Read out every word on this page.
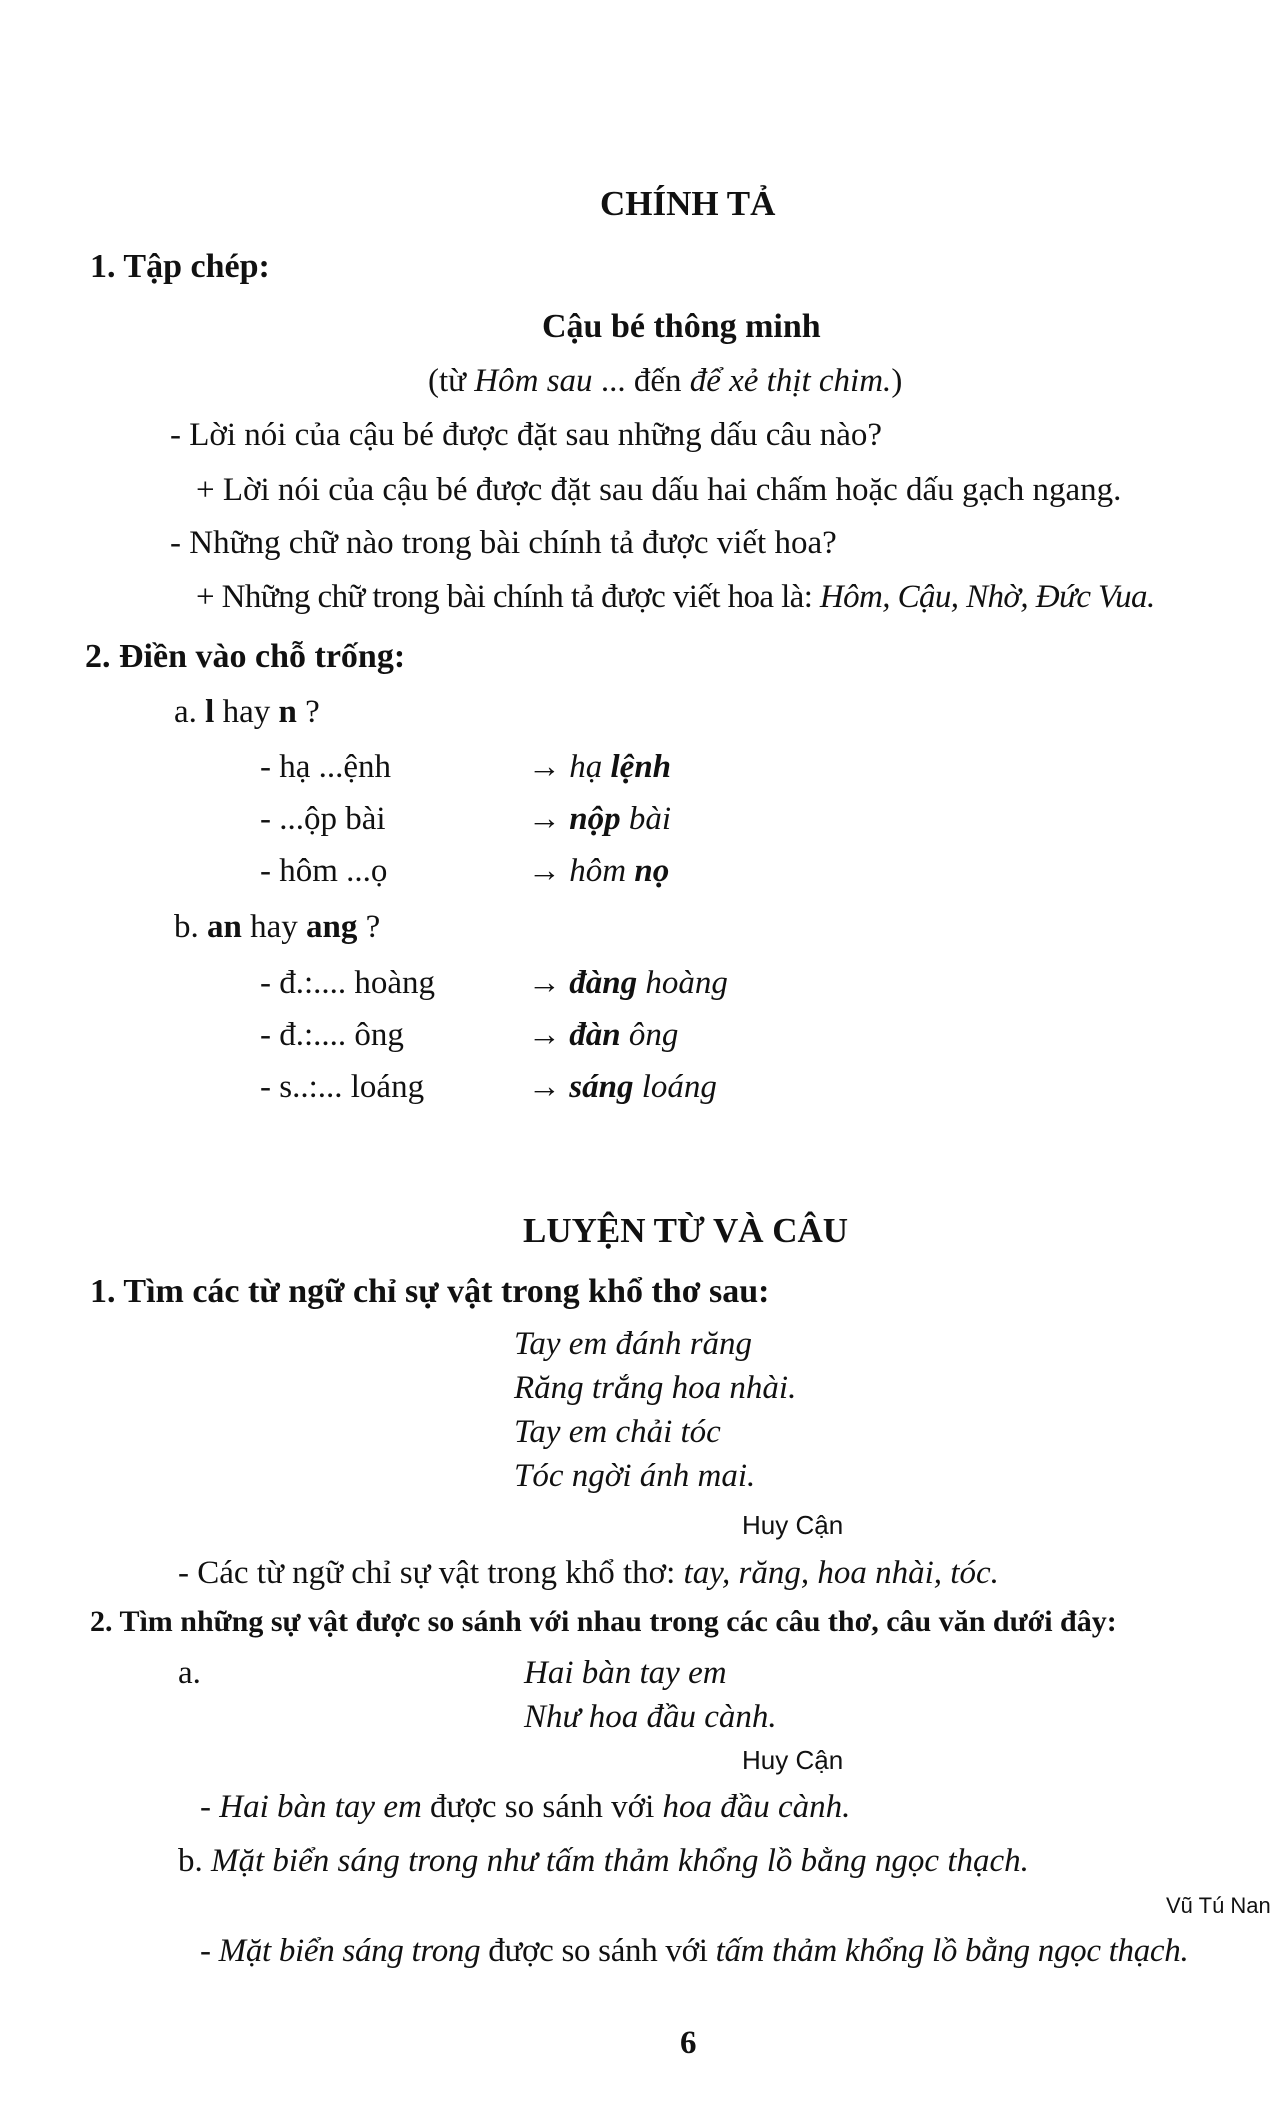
CHÍNH TẢ
1. Tập chép:
Cậu bé thông minh
(từ Hôm sau ... đến để xẻ thịt chim.)
- Lời nói của cậu bé được đặt sau những dấu câu nào?
+ Lời nói của cậu bé được đặt sau dấu hai chấm hoặc dấu gạch ngang.
- Những chữ nào trong bài chính tả được viết hoa?
+ Những chữ trong bài chính tả được viết hoa là: Hôm, Cậu, Nhờ, Đức Vua.
2. Điền vào chỗ trống:
a. l hay n ?
- hạ ...ệnh	→ hạ lệnh
- ...ộp bài	→ nộp bài
- hôm ...ọ	→ hôm nọ
b. an hay ang ?
- đ.:.... hoàng	→ đàng hoàng
- đ.:.... ông	→ đàn ông
- s..:... loáng	→ sáng loáng
LUYỆN TỪ VÀ CÂU
1. Tìm các từ ngữ chỉ sự vật trong khổ thơ sau:
Tay em đánh răng
Răng trắng hoa nhài.
Tay em chải tóc
Tóc ngời ánh mai.
Huy Cận
- Các từ ngữ chỉ sự vật trong khổ thơ: tay, răng, hoa nhài, tóc.
2. Tìm những sự vật được so sánh với nhau trong các câu thơ, câu văn dưới đây:
a.	Hai bàn tay em
Như hoa đầu cành.
Huy Cận
- Hai bàn tay em được so sánh với hoa đầu cành.
b. Mặt biển sáng trong như tấm thảm khổng lồ bằng ngọc thạch.
Vũ Tú Nan
- Mặt biển sáng trong được so sánh với tấm thảm khổng lồ bằng ngọc thạch.
6
